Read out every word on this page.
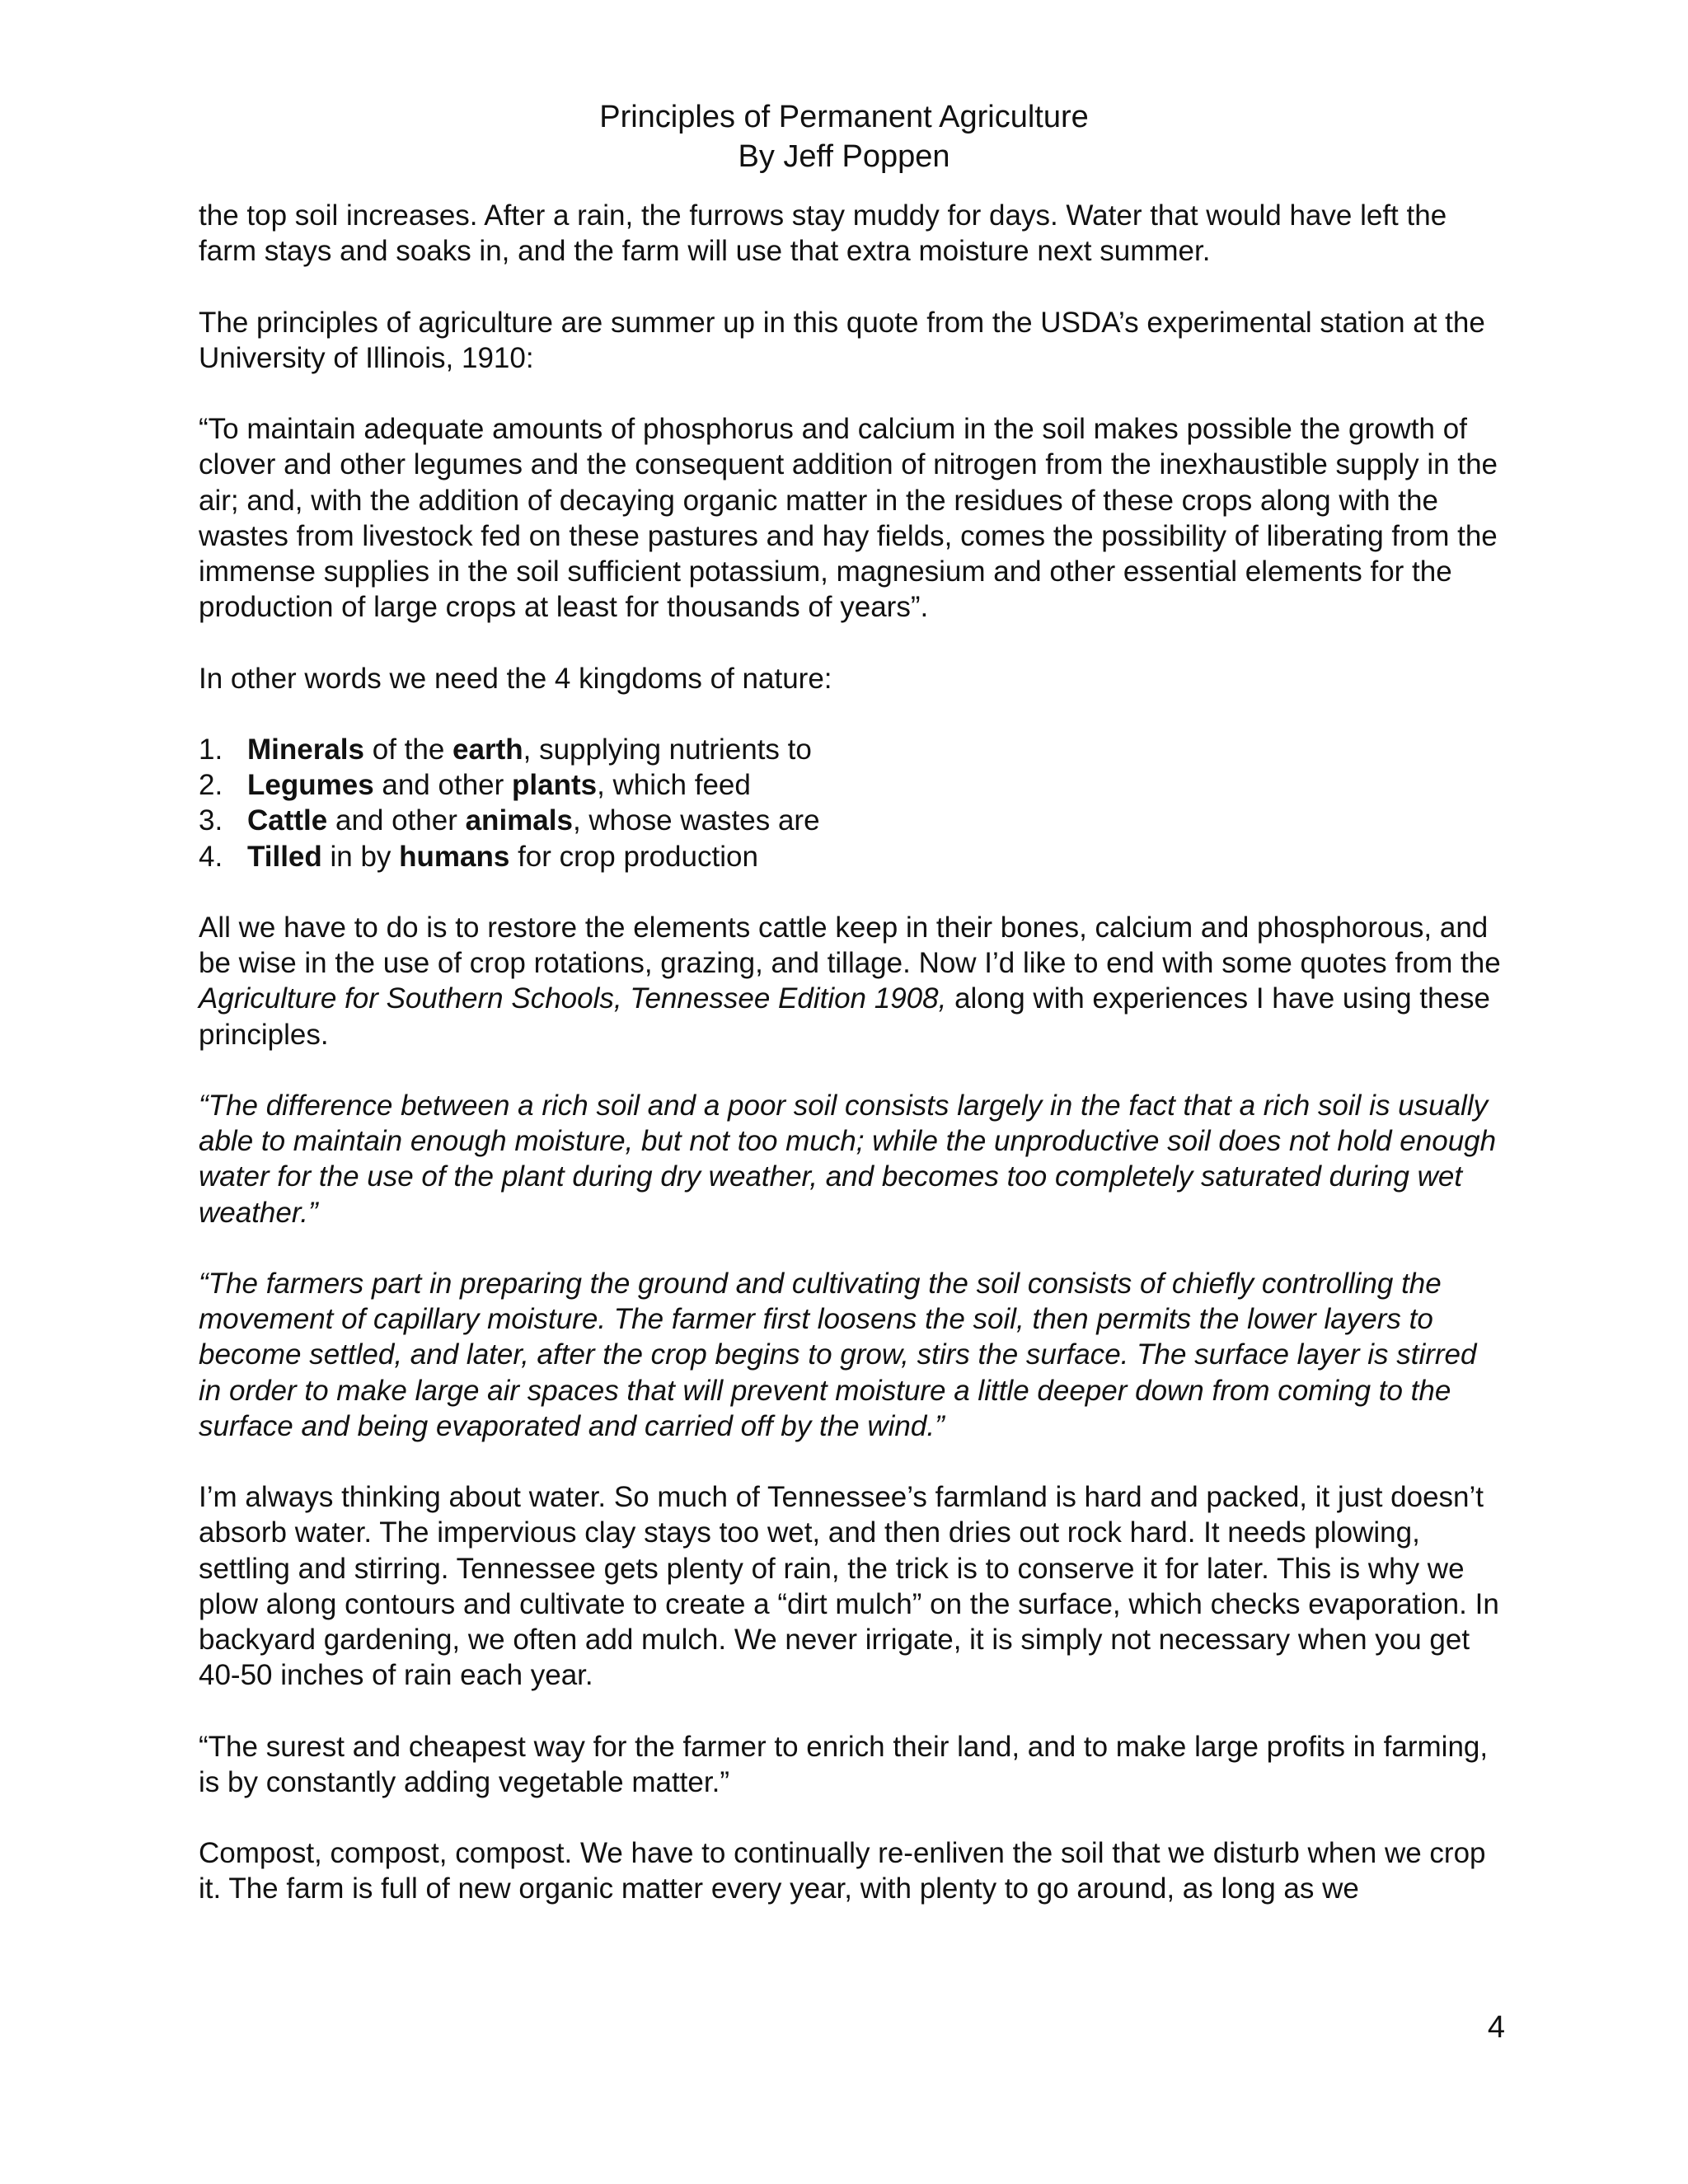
Principles of Permanent Agriculture
By Jeff Poppen

the top soil increases. After a rain, the furrows stay muddy for days. Water that would have left the farm stays and soaks in, and the farm will use that extra moisture next summer.

The principles of agriculture are summer up in this quote from the USDA’s experimental station at the University of Illinois, 1910:

“To maintain adequate amounts of phosphorus and calcium in the soil makes possible the growth of clover and other legumes and the consequent addition of nitrogen from the inexhaustible supply in the air; and, with the addition of decaying organic matter in the residues of these crops along with the wastes from livestock fed on these pastures and hay fields, comes the possibility of liberating from the immense supplies in the soil sufficient potassium, magnesium and other essential elements for the production of large crops at least for thousands of years”.

In other words we need the 4 kingdoms of nature:

1. Minerals of the earth, supplying nutrients to
2. Legumes and other plants, which feed
3. Cattle and other animals, whose wastes are
4. Tilled in by humans for crop production

All we have to do is to restore the elements cattle keep in their bones, calcium and phosphorous, and be wise in the use of crop rotations, grazing, and tillage. Now I’d like to end with some quotes from the Agriculture for Southern Schools, Tennessee Edition 1908, along with experiences I have using these principles.

“The difference between a rich soil and a poor soil consists largely in the fact that a rich soil is usually able to maintain enough moisture, but not too much; while the unproductive soil does not hold enough water for the use of the plant during dry weather, and becomes too completely saturated during wet weather.”

“The farmers part in preparing the ground and cultivating the soil consists of chiefly controlling the movement of capillary moisture. The farmer first loosens the soil, then permits the lower layers to become settled, and later, after the crop begins to grow, stirs the surface. The surface layer is stirred in order to make large air spaces that will prevent moisture a little deeper down from coming to the surface and being evaporated and carried off by the wind.”

I’m always thinking about water. So much of Tennessee’s farmland is hard and packed, it just doesn’t absorb water. The impervious clay stays too wet, and then dries out rock hard. It needs plowing, settling and stirring. Tennessee gets plenty of rain, the trick is to conserve it for later. This is why we plow along contours and cultivate to create a “dirt mulch” on the surface, which checks evaporation. In backyard gardening, we often add mulch. We never irrigate, it is simply not necessary when you get 40-50 inches of rain each year.

“The surest and cheapest way for the farmer to enrich their land, and to make large profits in farming, is by constantly adding vegetable matter.”

Compost, compost, compost. We have to continually re-enliven the soil that we disturb when we crop it. The farm is full of new organic matter every year, with plenty to go around, as long as we

4
